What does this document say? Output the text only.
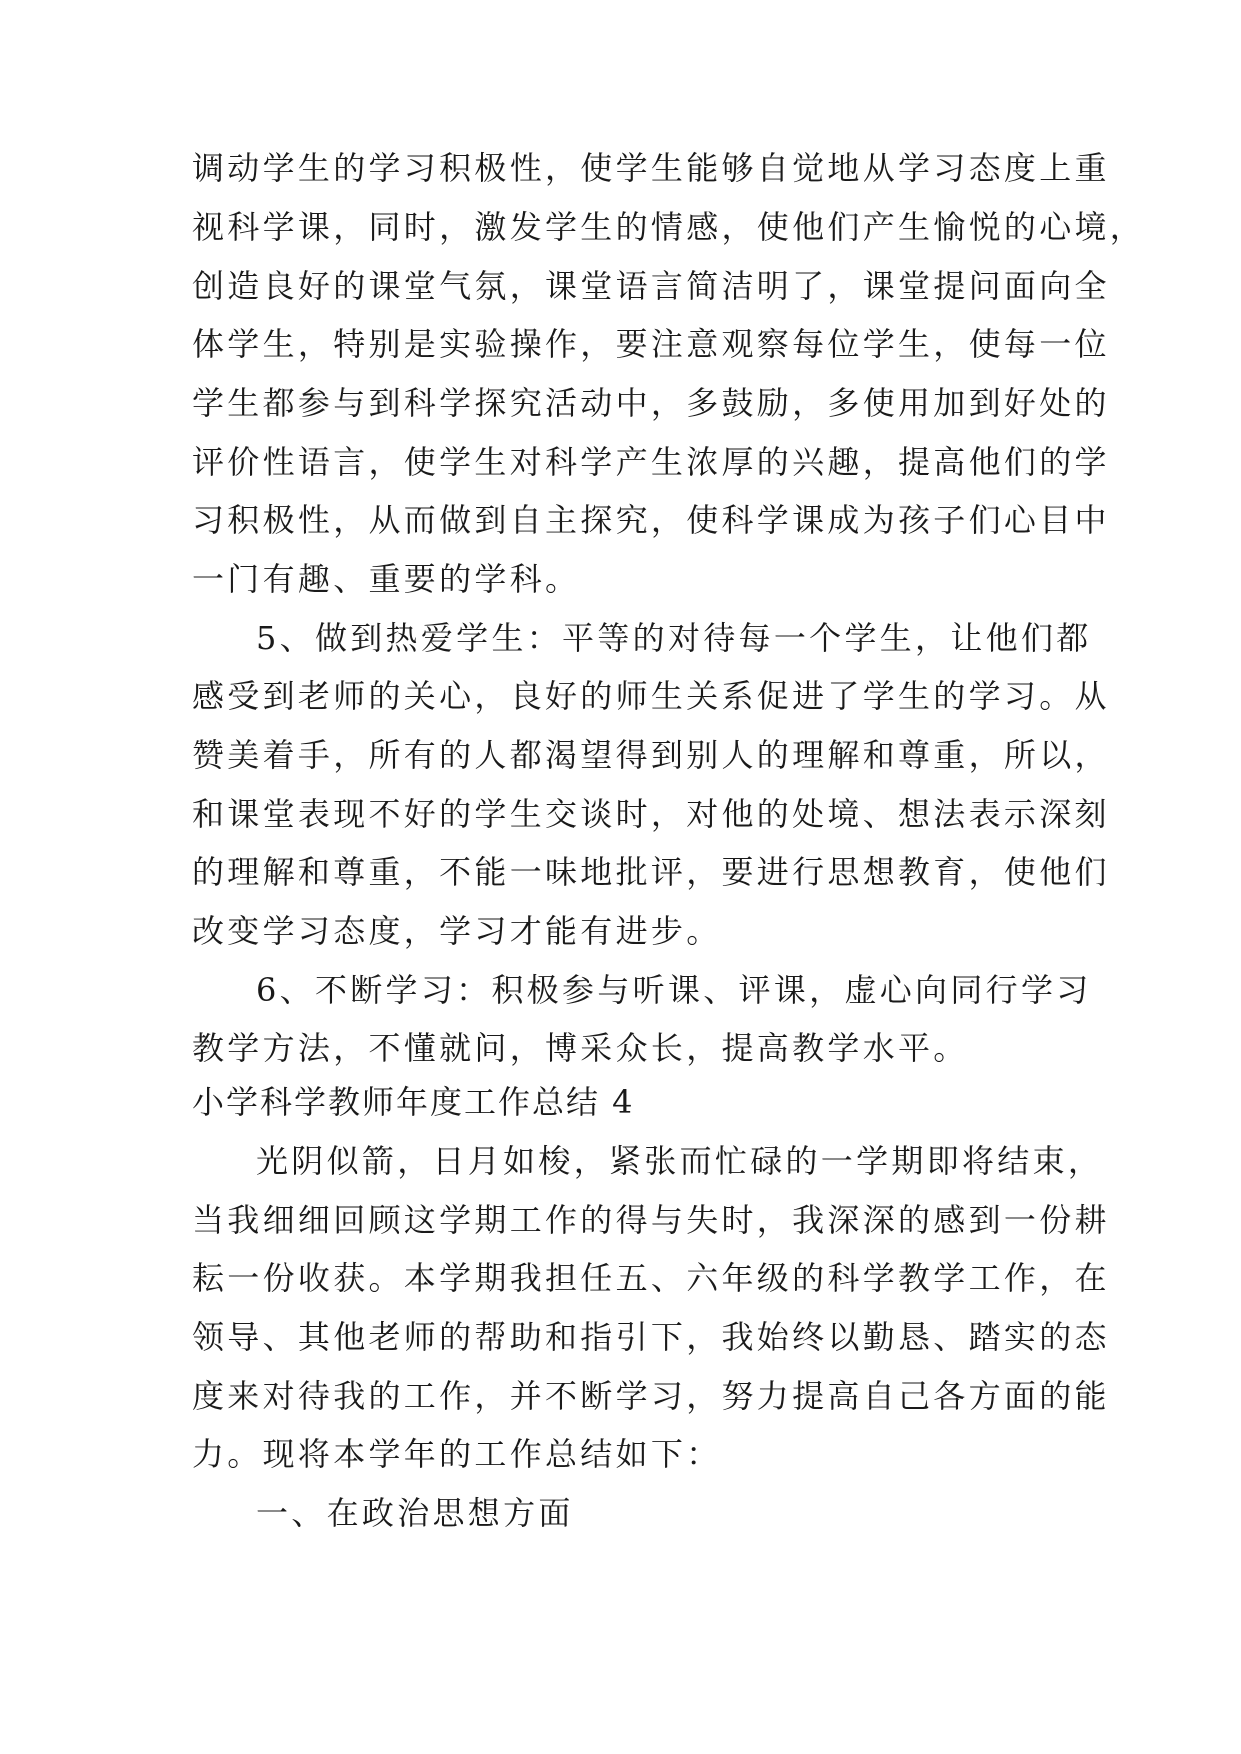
调动学生的学习积极性，使学生能够自觉地从学习态度上重
视科学课，同时，激发学生的情感，使他们产生愉悦的心境，
创造良好的课堂气氛，课堂语言简洁明了，课堂提问面向全
体学生，特别是实验操作，要注意观察每位学生，使每一位
学生都参与到科学探究活动中，多鼓励，多使用加到好处的
评价性语言，使学生对科学产生浓厚的兴趣，提高他们的学
习积极性，从而做到自主探究，使科学课成为孩子们心目中
一门有趣、重要的学科。
5、做到热爱学生：平等的对待每一个学生，让他们都
感受到老师的关心，良好的师生关系促进了学生的学习。从
赞美着手，所有的人都渴望得到别人的理解和尊重，所以，
和课堂表现不好的学生交谈时，对他的处境、想法表示深刻
的理解和尊重，不能一味地批评，要进行思想教育，使他们
改变学习态度，学习才能有进步。
6、不断学习：积极参与听课、评课，虚心向同行学习
教学方法，不懂就问，博采众长，提高教学水平。
小学科学教师年度工作总结 4
光阴似箭，日月如梭，紧张而忙碌的一学期即将结束，
当我细细回顾这学期工作的得与失时，我深深的感到一份耕
耘一份收获。本学期我担任五、六年级的科学教学工作，在
领导、其他老师的帮助和指引下，我始终以勤恳、踏实的态
度来对待我的工作，并不断学习，努力提高自己各方面的能
力。现将本学年的工作总结如下：
一、在政治思想方面
